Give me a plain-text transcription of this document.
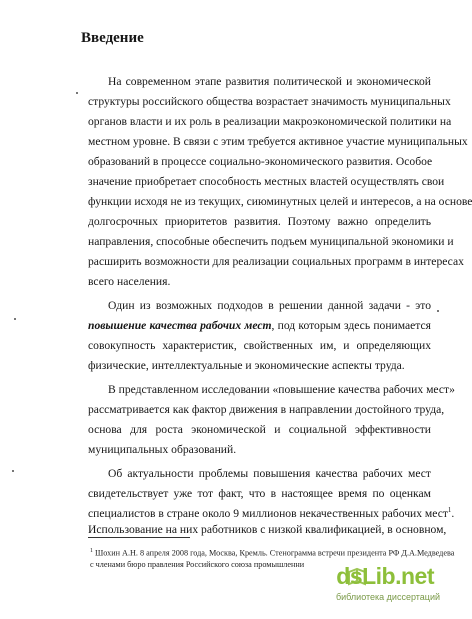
Введение

На современном этапе развития политической и экономической

структуры российского общества возрастает значимость муниципальных

органов власти и их роль в реализации макроэкономической политики на

местном уровне. В связи с этим требуется активное участие муниципальных

образований в процессе социально-экономического развития. Особое

значение приобретает способность местных властей осуществлять свои

функции исходя не из текущих, сиюминутных целей и интересов, а на основе

долгосрочных приоритетов развития. Поэтому важно определить

направления, способные обеспечить подъем муниципальной экономики и

расширить возможности для реализации социальных программ в интересах

всего населения.

Один из возможных подходов в решении данной задачи - это

повышение качества рабочих мест, под которым здесь понимается

совокупность характеристик, свойственных им, и определяющих

физические, интеллектуальные и экономические аспекты труда.

В представленном исследовании «повышение качества рабочих мест»

рассматривается как фактор движения в направлении достойного труда,

основа для роста экономической и социальной эффективности

муниципальных образований.

Об актуальности проблемы повышения качества рабочих мест

свидетельствует уже тот факт, что в настоящее время по оценкам

специалистов в стране около 9 миллионов некачественных рабочих мест$^1$.

Использование на них работников с низкой квалификацией, в основном,

$^1$ Шохин А.Н. 8 апреля 2008 года, Москва, Кремль. Стенограмма встречи президента РФ Д.А.Медведева

с членами бюро правления Российского союза промышленни	dsLib.net

библиотека диссертаций
